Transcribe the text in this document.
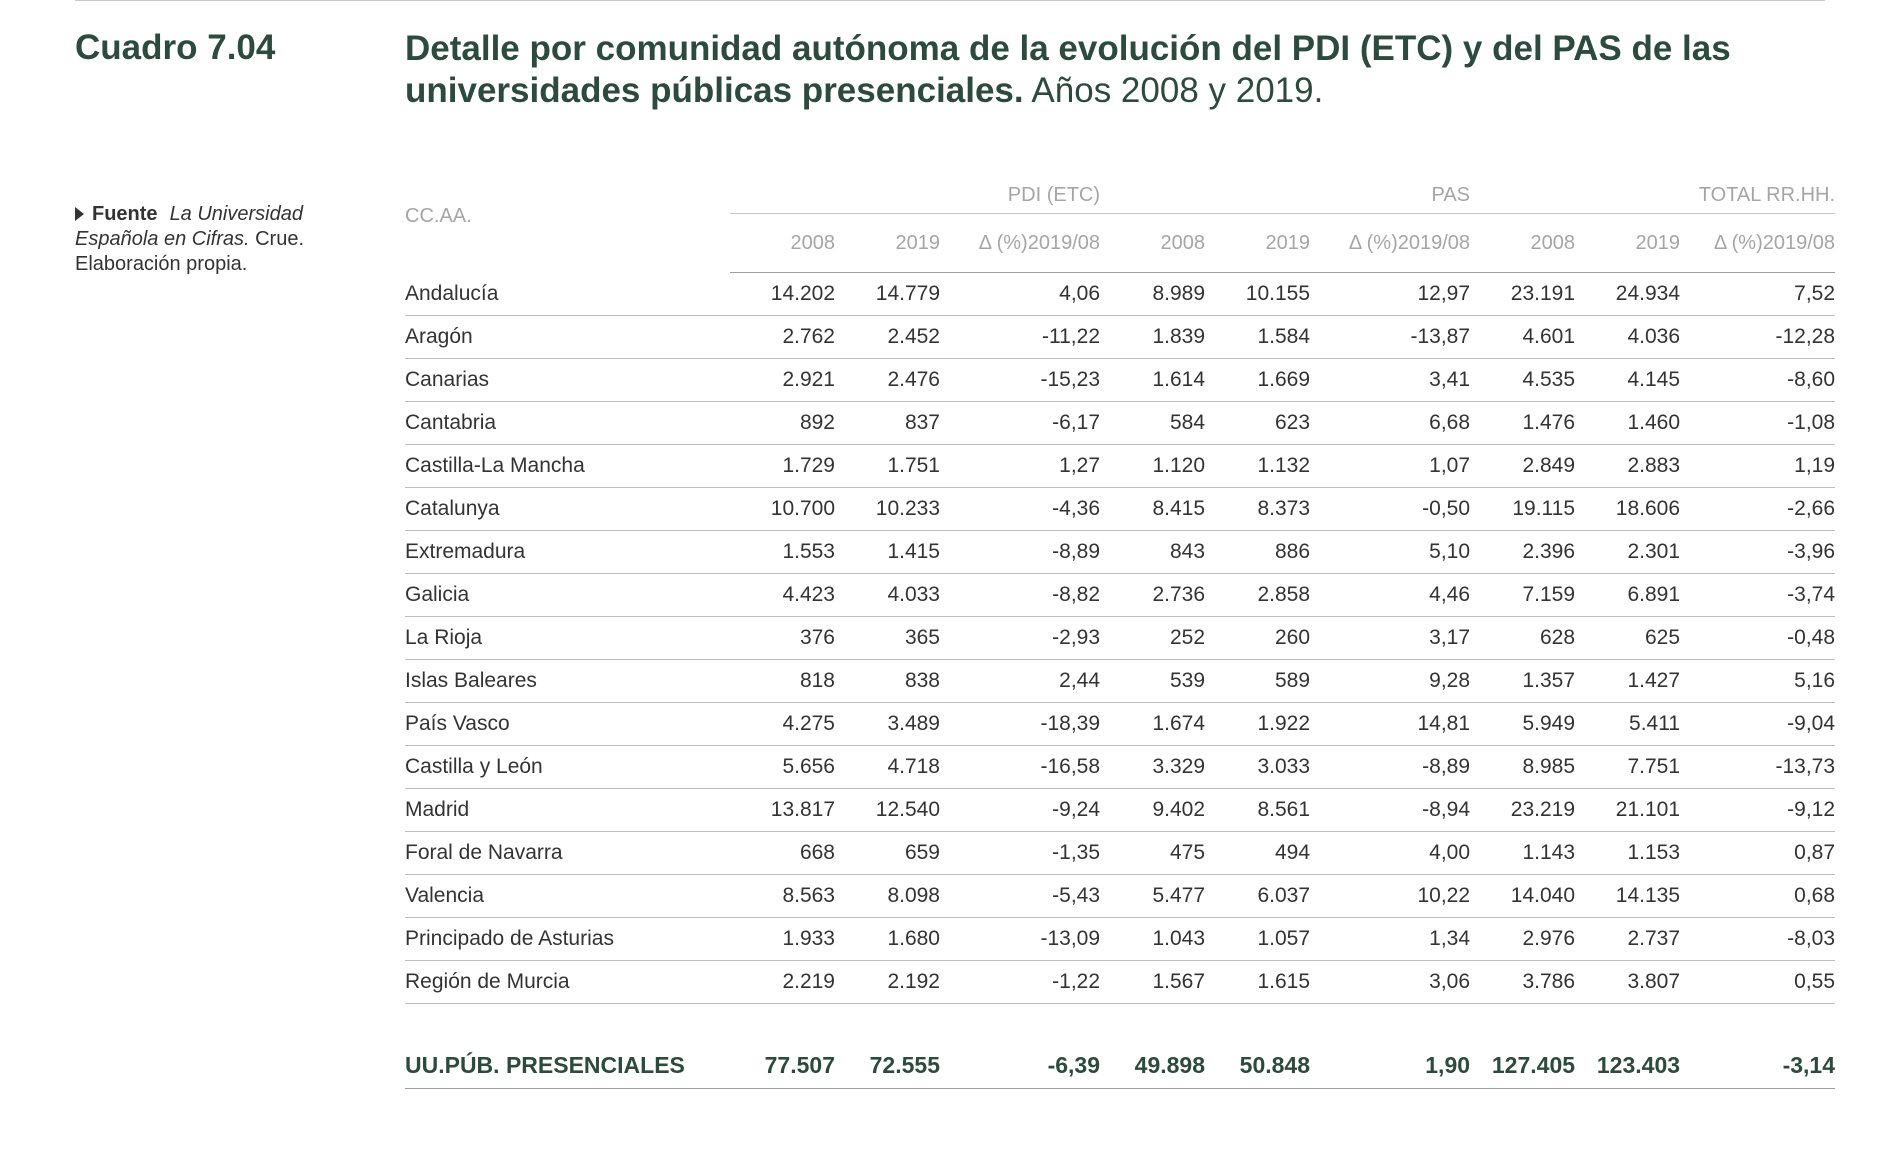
Cuadro 7.04	Detalle por comunidad autónoma de la evolución del PDI (ETC) y del PAS de las universidades públicas presenciales. Años 2008 y 2019.
Fuente La Universidad Española en Cifras. Crue. Elaboración propia.
CC.AA.	PDI (ETC)			PAS			TOTAL RR.HH.		
	2008	2019	Δ (%)2019/08	2008	2019	Δ (%)2019/08	2008	2019	Δ (%)2019/08
Andalucía	14.202	14.779	4,06	8.989	10.155	12,97	23.191	24.934	7,52
Aragón	2.762	2.452	-11,22	1.839	1.584	-13,87	4.601	4.036	-12,28
Canarias	2.921	2.476	-15,23	1.614	1.669	3,41	4.535	4.145	-8,60
Cantabria	892	837	-6,17	584	623	6,68	1.476	1.460	-1,08
Castilla-La Mancha	1.729	1.751	1,27	1.120	1.132	1,07	2.849	2.883	1,19
Catalunya	10.700	10.233	-4,36	8.415	8.373	-0,50	19.115	18.606	-2,66
Extremadura	1.553	1.415	-8,89	843	886	5,10	2.396	2.301	-3,96
Galicia	4.423	4.033	-8,82	2.736	2.858	4,46	7.159	6.891	-3,74
La Rioja	376	365	-2,93	252	260	3,17	628	625	-0,48
Islas Baleares	818	838	2,44	539	589	9,28	1.357	1.427	5,16
País Vasco	4.275	3.489	-18,39	1.674	1.922	14,81	5.949	5.411	-9,04
Castilla y León	5.656	4.718	-16,58	3.329	3.033	-8,89	8.985	7.751	-13,73
Madrid	13.817	12.540	-9,24	9.402	8.561	-8,94	23.219	21.101	-9,12
Foral de Navarra	668	659	-1,35	475	494	4,00	1.143	1.153	0,87
Valencia	8.563	8.098	-5,43	5.477	6.037	10,22	14.040	14.135	0,68
Principado de Asturias	1.933	1.680	-13,09	1.043	1.057	1,34	2.976	2.737	-8,03
Región de Murcia	2.219	2.192	-1,22	1.567	1.615	3,06	3.786	3.807	0,55

UU.PÚB. PRESENCIALES	77.507	72.555	-6,39	49.898	50.848	1,90	127.405	123.403	-3,14
